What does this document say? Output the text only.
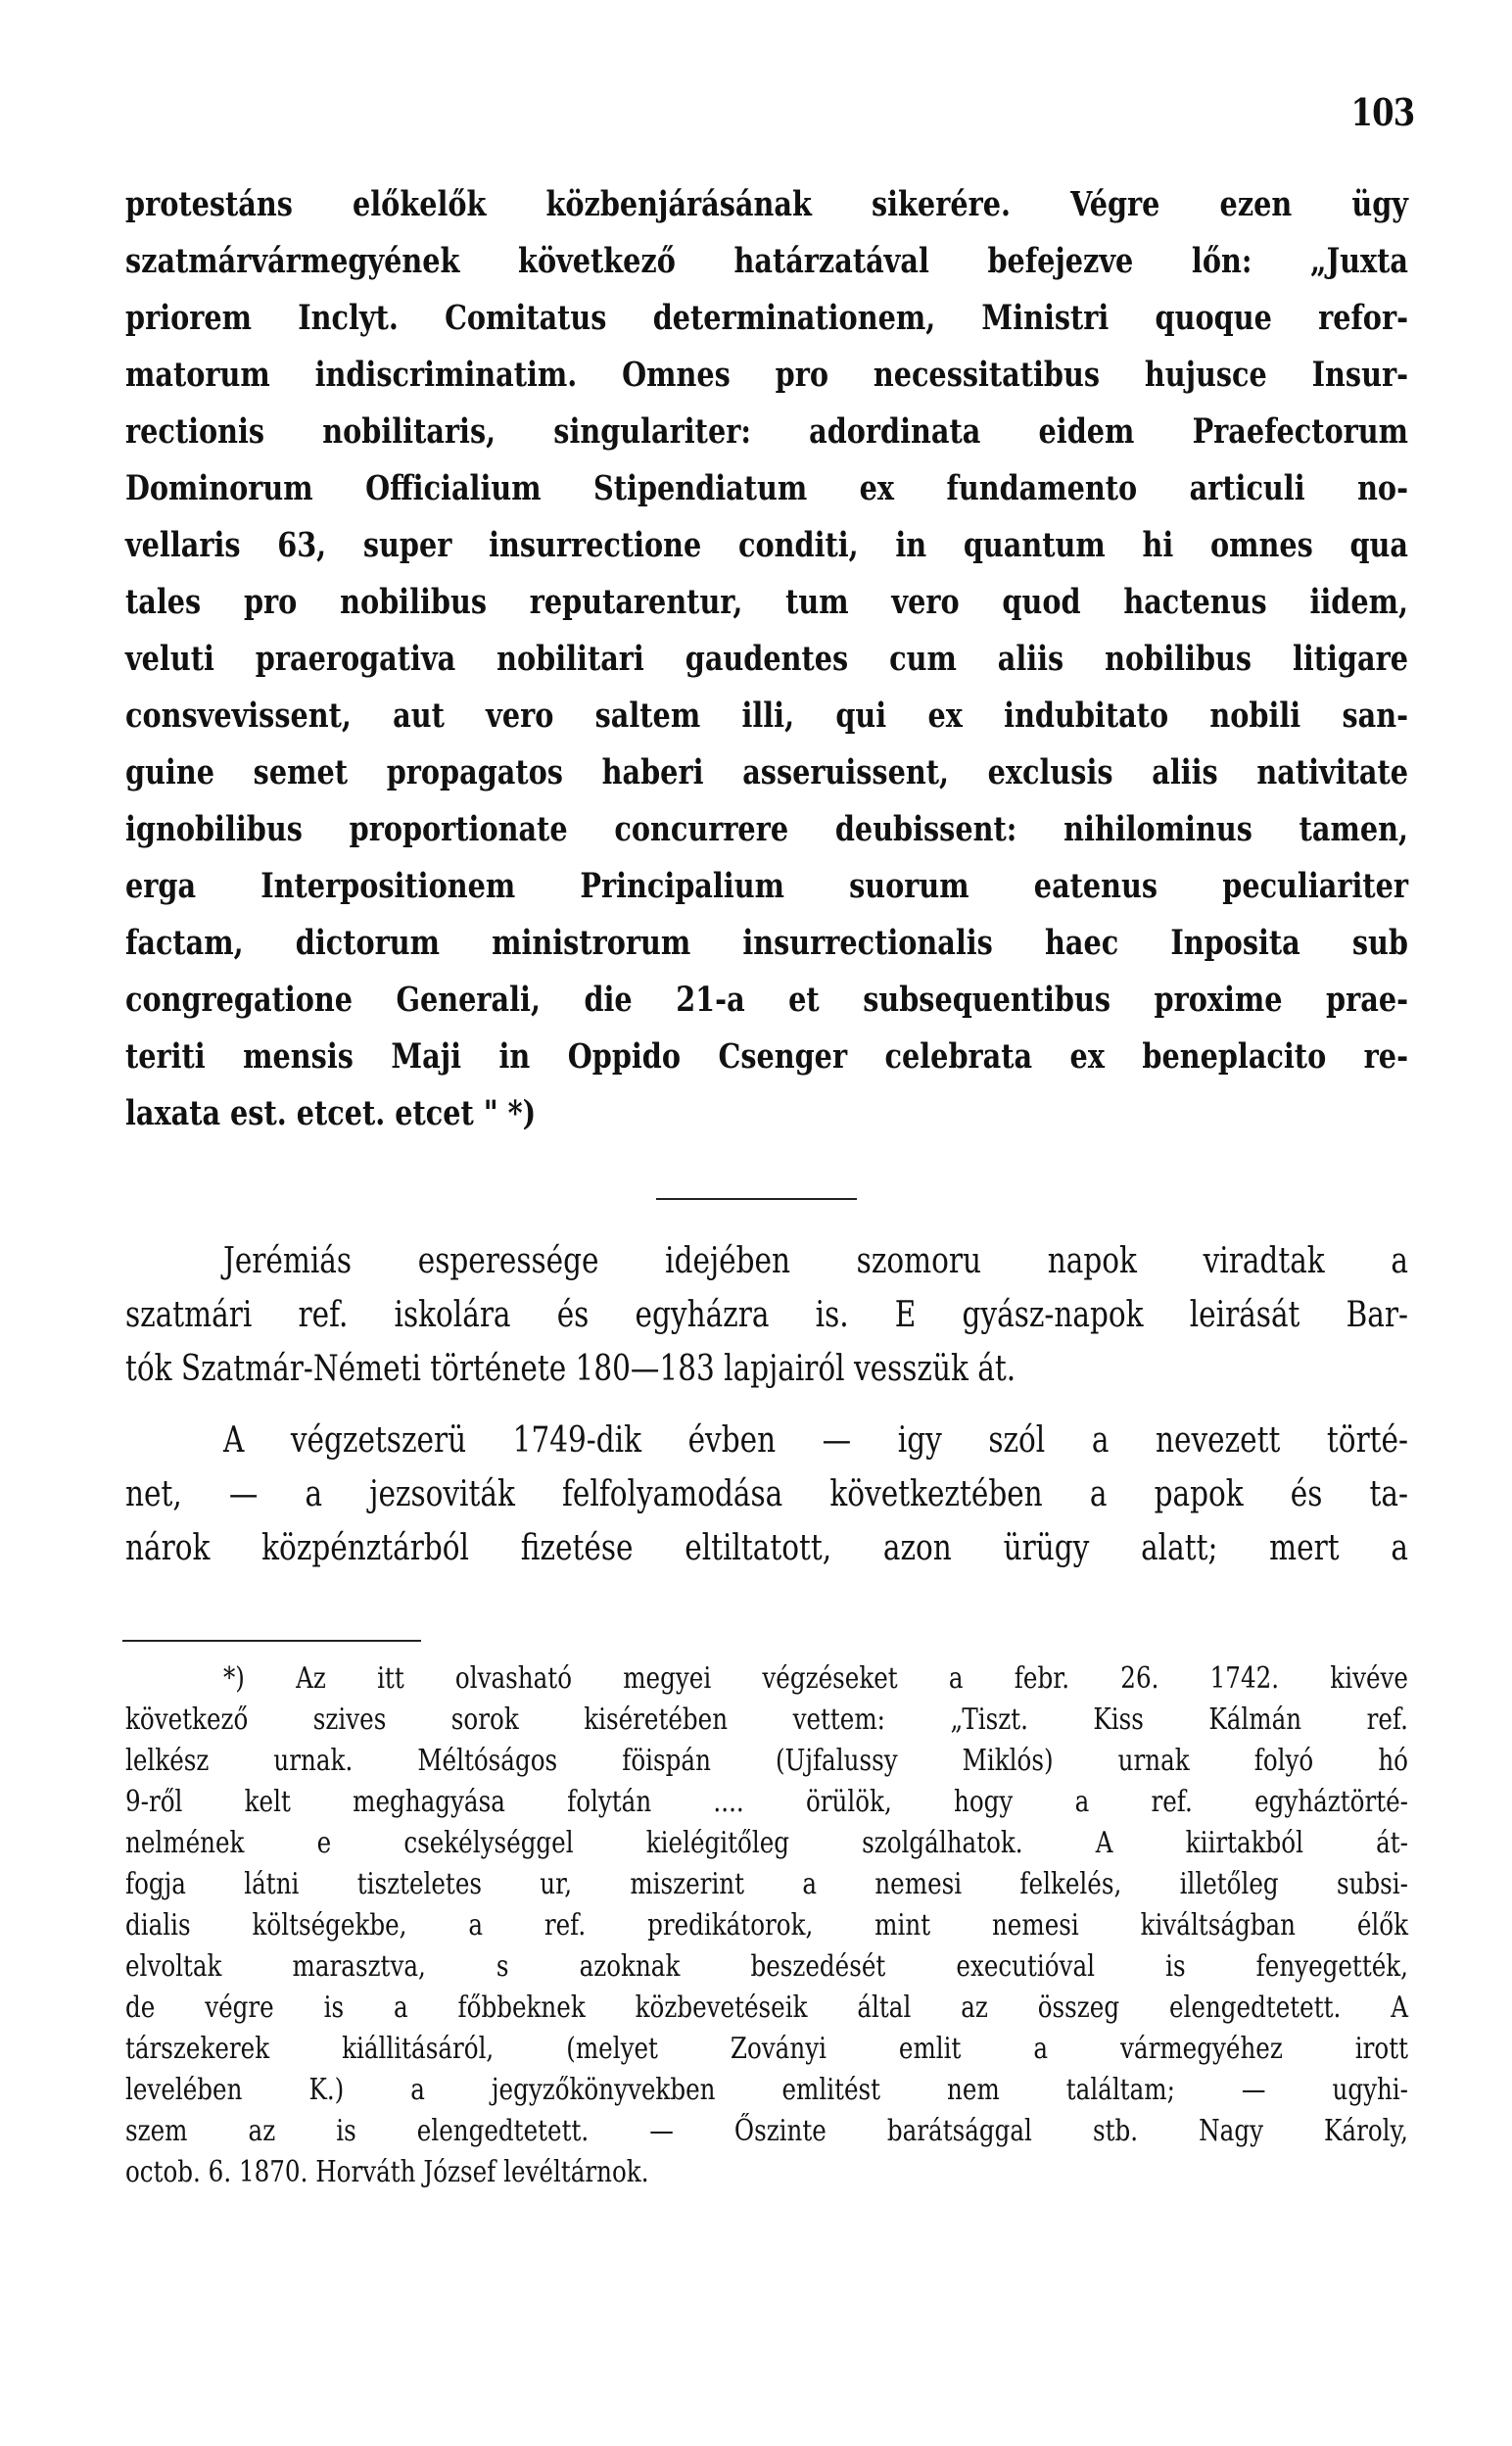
103
protestáns előkelők közbenjárásának sikerére. Végre ezen ügy
szatmárvármegyének következő határzatával befejezve lőn: „Juxta
priorem Inclyt. Comitatus determinationem, Ministri quoque refor-
matorum indiscriminatim. Omnes pro necessitatibus hujusce Insur-
rectionis nobilitaris, singulariter: adordinata eidem Praefectorum
Dominorum Officialium Stipendiatum ex fundamento articuli no-
vellaris 63, super insurrectione conditi, in quantum hi omnes qua
tales pro nobilibus reputarentur, tum vero quod hactenus iidem,
veluti praerogativa nobilitari gaudentes cum aliis nobilibus litigare
consvevissent, aut vero saltem illi, qui ex indubitato nobili san-
guine semet propagatos haberi asseruissent, exclusis aliis nativitate
ignobilibus proportionate concurrere deubissent: nihilominus tamen,
erga Interpositionem Principalium suorum eatenus peculiariter
factam, dictorum ministrorum insurrectionalis haec Inposita sub
congregatione Generali, die 21-a et subsequentibus proxime prae-
teriti mensis Maji in Oppido Csenger celebrata ex beneplacito re-
laxata est. etcet. etcet " *)
Jerémiás esperessége idejében szomoru napok viradtak a
szatmári ref. iskolára és egyházra is. E gyász-napok leirását Bar-
tók Szatmár-Németi története 180—183 lapjairól vesszük át.
A végzetszerü 1749-dik évben — igy szól a nevezett törté-
net, — a jezsoviták felfolyamodása következtében a papok és ta-
nárok közpénztárból fizetése eltiltatott, azon ürügy alatt; mert a
*) Az itt olvasható megyei végzéseket a febr. 26. 1742. kivéve
következő szives sorok kiséretében vettem: „Tiszt. Kiss Kálmán ref.
lelkész urnak. Méltóságos föispán (Ujfalussy Miklós) urnak folyó hó
9-ről kelt meghagyása folytán .... örülök, hogy a ref. egyháztörté-
nelmének e csekélységgel kielégitőleg szolgálhatok. A kiirtakból át-
fogja látni tiszteletes ur, miszerint a nemesi felkelés, illetőleg subsi-
dialis költségekbe, a ref. predikátorok, mint nemesi kiváltságban élők
elvoltak marasztva, s azoknak beszedését executióval is fenyegették,
de végre is a főbbeknek közbevetéseik által az összeg elengedtetett. A
társzekerek kiállitásáról, (melyet Zoványi emlit a vármegyéhez irott
levelében K.) a jegyzőkönyvekben emlitést nem találtam; — ugyhi-
szem az is elengedtetett. — Őszinte barátsággal stb. Nagy Károly,
octob. 6. 1870. Horváth József levéltárnok.
